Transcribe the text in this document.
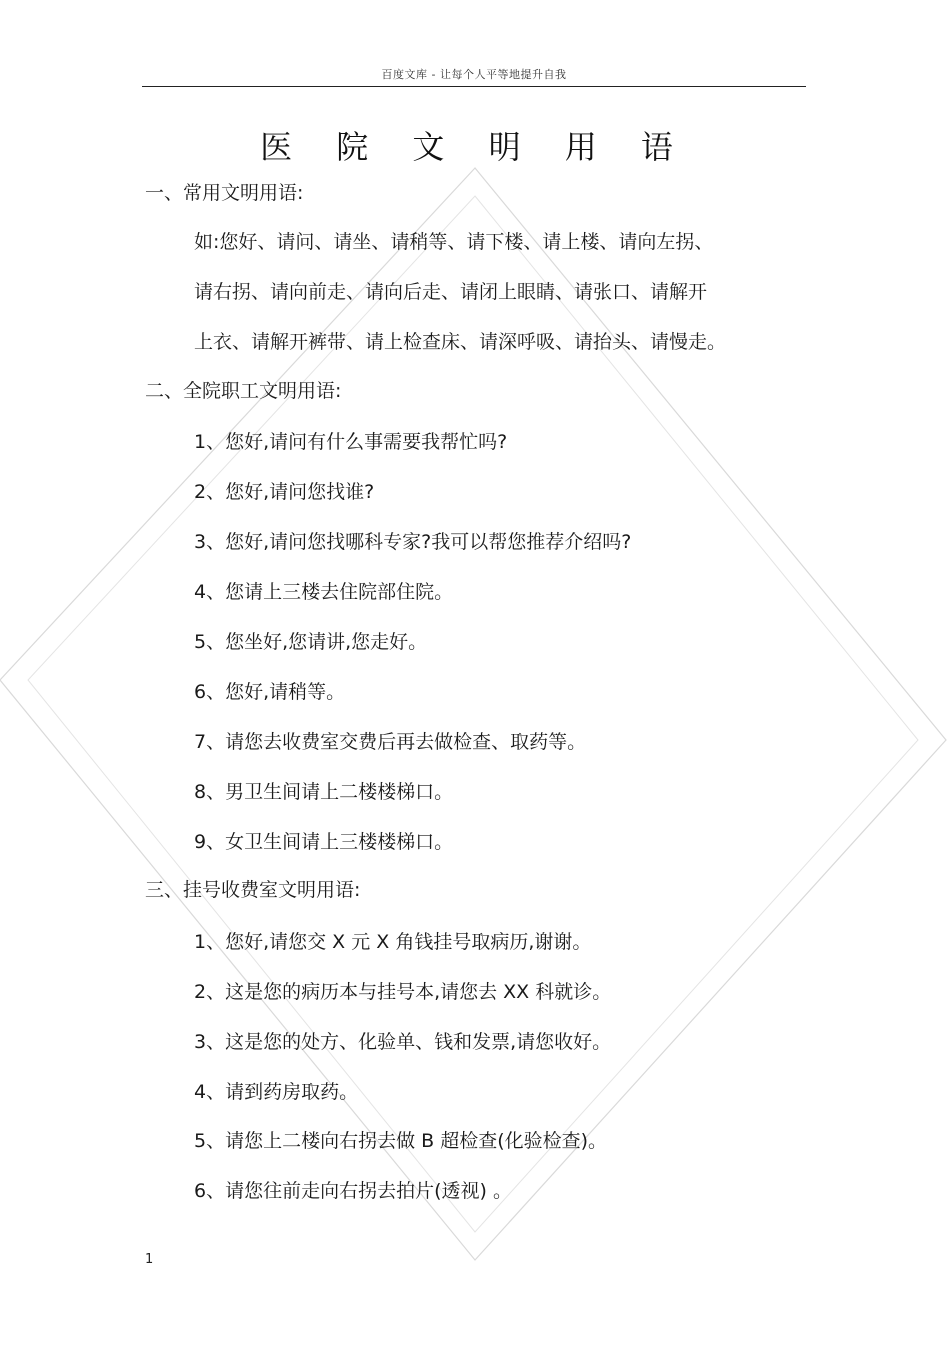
百度文库 - 让每个人平等地提升自我
医 院 文 明 用 语
一、常用文明用语:
如:您好、请问、请坐、请稍等、请下楼、请上楼、请向左拐、
请右拐、请向前走、请向后走、请闭上眼睛、请张口、请解开
上衣、请解开裤带、请上检查床、请深呼吸、请抬头、请慢走。
二、全院职工文明用语:
1、您好,请问有什么事需要我帮忙吗?
2、您好,请问您找谁?
3、您好,请问您找哪科专家?我可以帮您推荐介绍吗?
4、您请上三楼去住院部住院。
5、您坐好,您请讲,您走好。
6、您好,请稍等。
7、请您去收费室交费后再去做检查、取药等。
8、男卫生间请上二楼楼梯口。
9、女卫生间请上三楼楼梯口。
三、挂号收费室文明用语:
1、您好,请您交 X 元 X 角钱挂号取病历,谢谢。
2、这是您的病历本与挂号本,请您去 XX 科就诊。
3、这是您的处方、化验单、钱和发票,请您收好。
4、请到药房取药。
5、请您上二楼向右拐去做 B 超检查(化验检查)。
6、请您往前走向右拐去拍片(透视) 。
1
